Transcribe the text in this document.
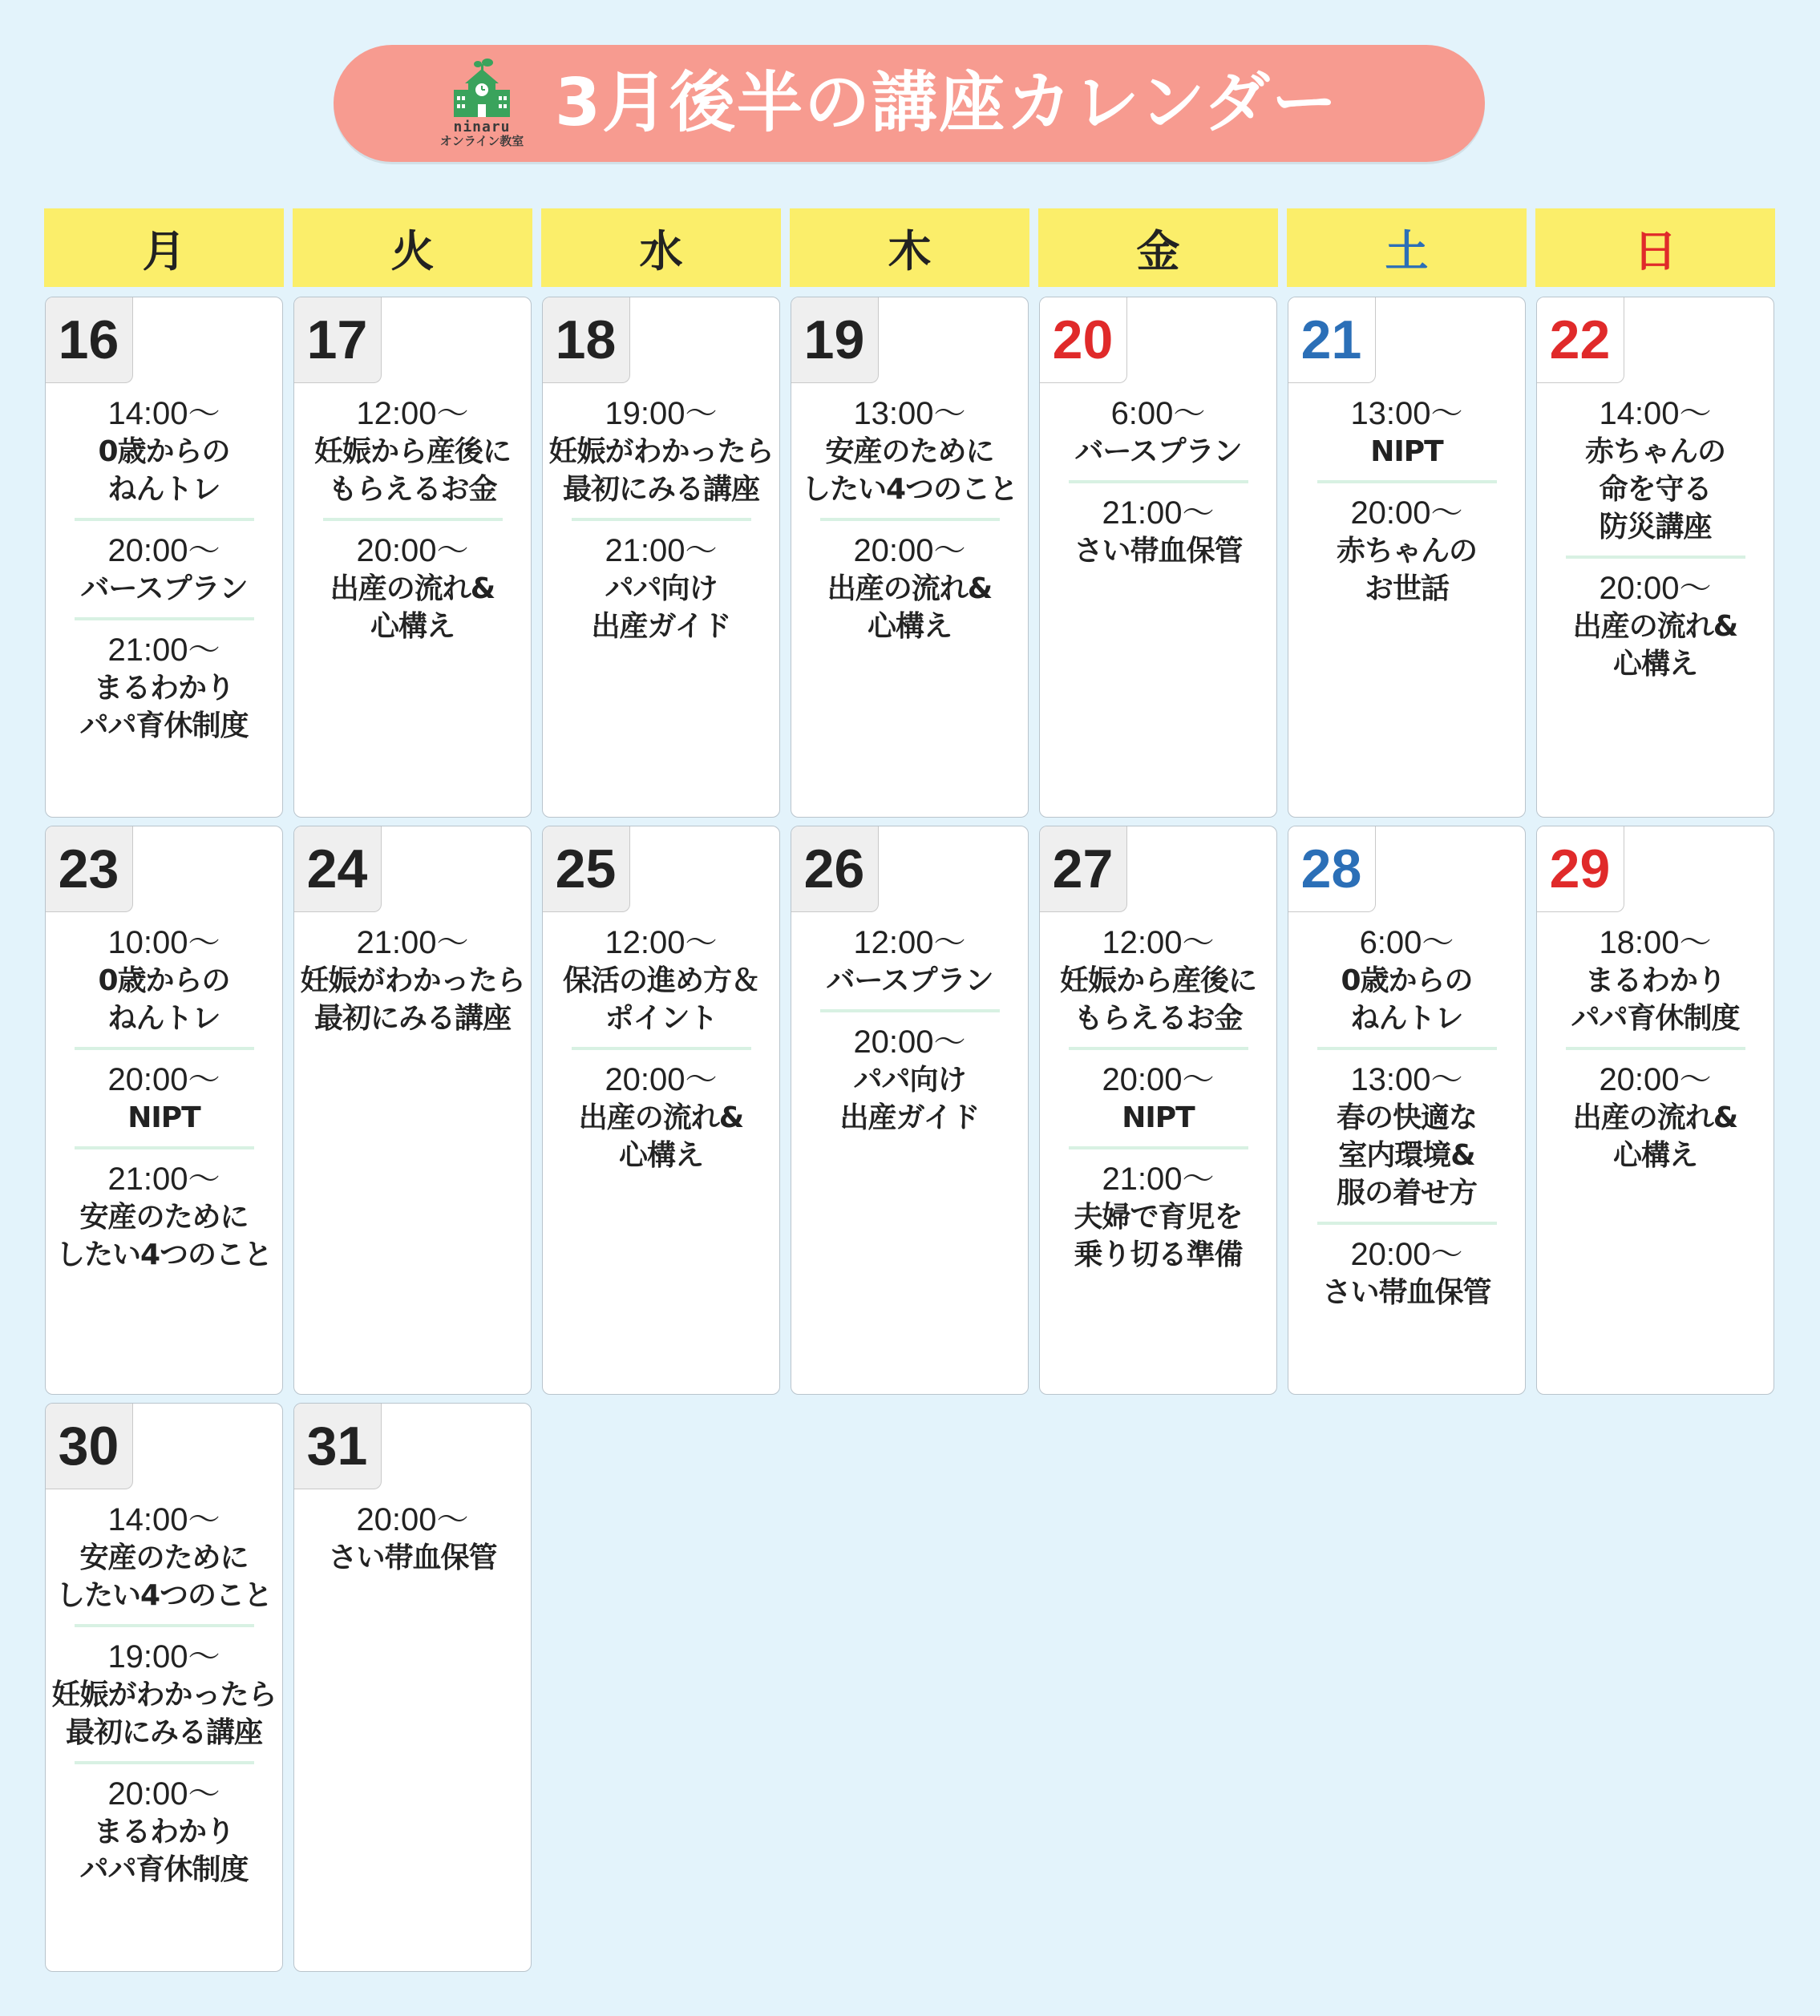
ninaru
オンライン教室 3月後半の講座カレンダー
月	火	水	木	金	土	日
16
14:00〜
0歳からの
ねんトレ
20:00〜
バースプラン
21:00〜
まるわかり
パパ育休制度
17
12:00〜
妊娠から産後に
もらえるお金
20:00〜
出産の流れ&
心構え
18
19:00〜
妊娠がわかったら
最初にみる講座
21:00〜
パパ向け
出産ガイド
19
13:00〜
安産のために
したい4つのこと
20:00〜
出産の流れ&
心構え
20
6:00〜
バースプラン
21:00〜
さい帯血保管
21
13:00〜
NIPT
20:00〜
赤ちゃんの
お世話
22
14:00〜
赤ちゃんの
命を守る
防災講座
20:00〜
出産の流れ&
心構え
23
10:00〜
0歳からの
ねんトレ
20:00〜
NIPT
21:00〜
安産のために
したい4つのこと
24
21:00〜
妊娠がわかったら
最初にみる講座
25
12:00〜
保活の進め方＆
ポイント
20:00〜
出産の流れ&
心構え
26
12:00〜
バースプラン
20:00〜
パパ向け
出産ガイド
27
12:00〜
妊娠から産後に
もらえるお金
20:00〜
NIPT
21:00〜
夫婦で育児を
乗り切る準備
28
6:00〜
0歳からの
ねんトレ
13:00〜
春の快適な
室内環境&
服の着せ方
20:00〜
さい帯血保管
29
18:00〜
まるわかり
パパ育休制度
20:00〜
出産の流れ&
心構え
30
14:00〜
安産のために
したい4つのこと
19:00〜
妊娠がわかったら
最初にみる講座
20:00〜
まるわかり
パパ育休制度
31
20:00〜
さい帯血保管
